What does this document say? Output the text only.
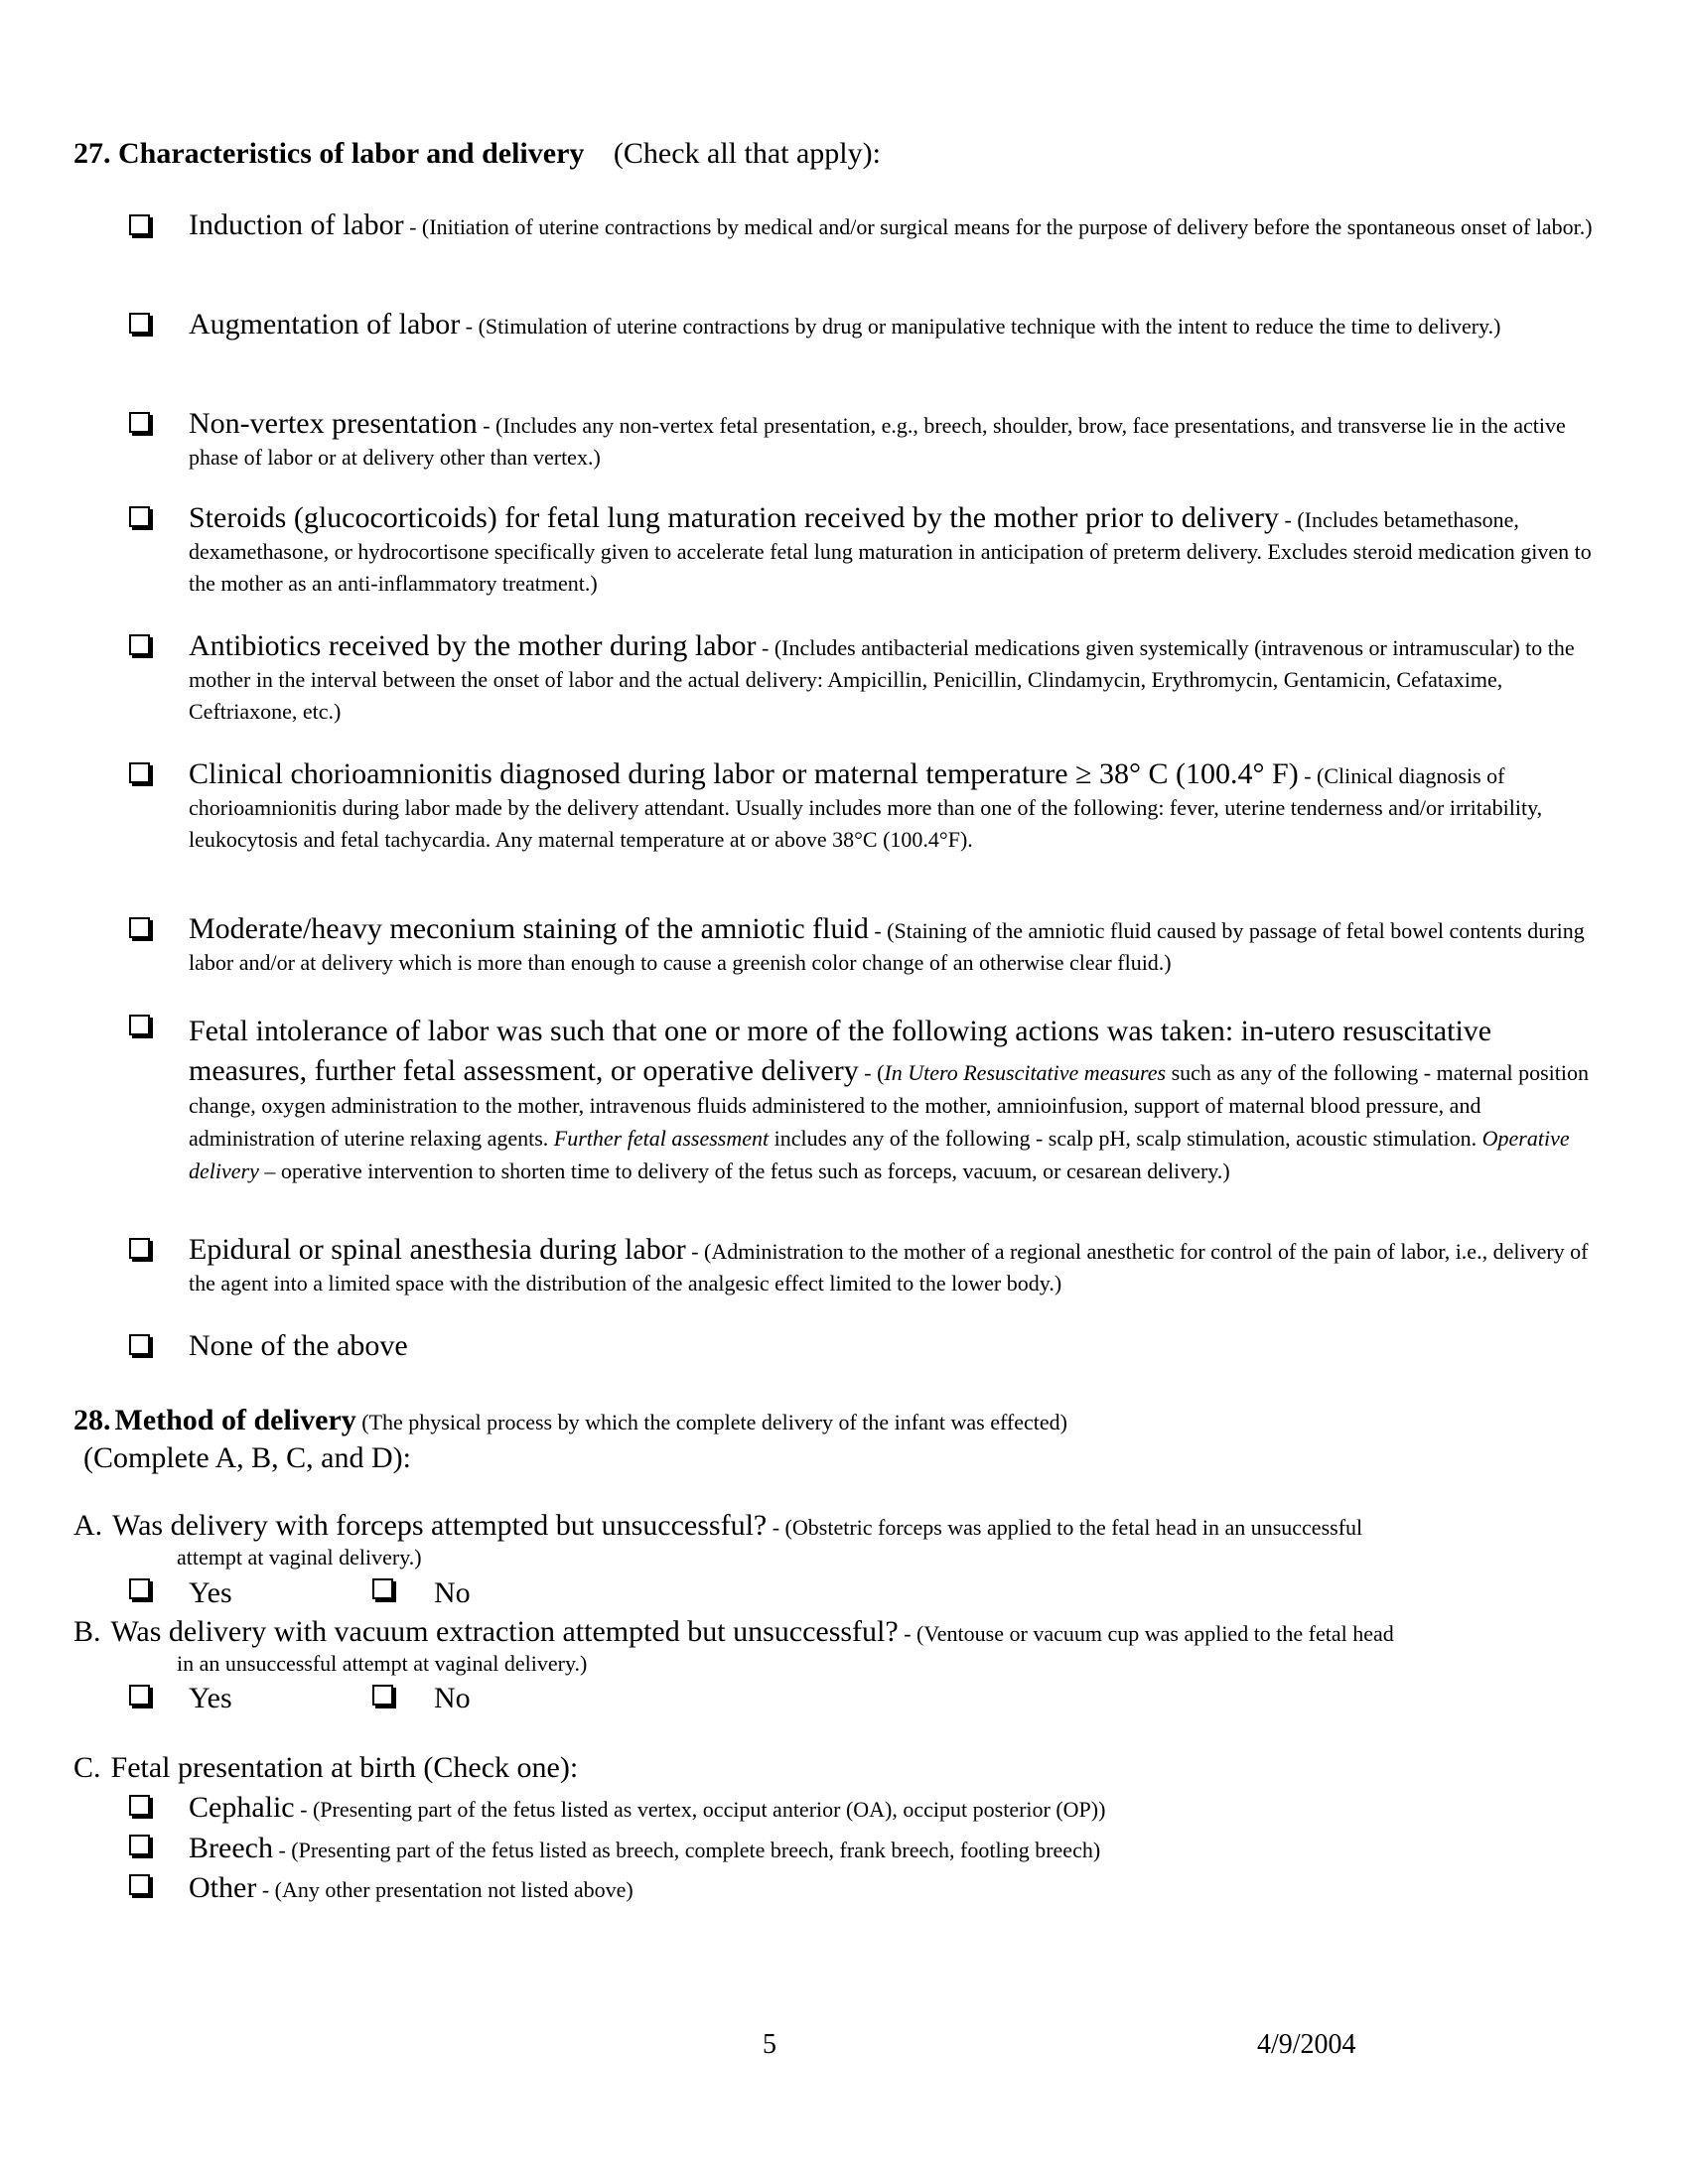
27. Characteristics of labor and delivery (Check all that apply):
Induction of labor - (Initiation of uterine contractions by medical and/or surgical means for the purpose of delivery before the spontaneous onset of labor.)
Augmentation of labor - (Stimulation of uterine contractions by drug or manipulative technique with the intent to reduce the time to delivery.)
Non-vertex presentation - (Includes any non-vertex fetal presentation, e.g., breech, shoulder, brow, face presentations, and transverse lie in the active phase of labor or at delivery other than vertex.)
Steroids (glucocorticoids) for fetal lung maturation received by the mother prior to delivery - (Includes betamethasone, dexamethasone, or hydrocortisone specifically given to accelerate fetal lung maturation in anticipation of preterm delivery. Excludes steroid medication given to the mother as an anti-inflammatory treatment.)
Antibiotics received by the mother during labor - (Includes antibacterial medications given systemically (intravenous or intramuscular) to the mother in the interval between the onset of labor and the actual delivery: Ampicillin, Penicillin, Clindamycin, Erythromycin, Gentamicin, Cefataxime, Ceftriaxone, etc.)
Clinical chorioamnionitis diagnosed during labor or maternal temperature ≥ 38° C (100.4° F) - (Clinical diagnosis of chorioamnionitis during labor made by the delivery attendant. Usually includes more than one of the following: fever, uterine tenderness and/or irritability, leukocytosis and fetal tachycardia. Any maternal temperature at or above 38°C (100.4°F).
Moderate/heavy meconium staining of the amniotic fluid - (Staining of the amniotic fluid caused by passage of fetal bowel contents during labor and/or at delivery which is more than enough to cause a greenish color change of an otherwise clear fluid.)
Fetal intolerance of labor was such that one or more of the following actions was taken: in-utero resuscitative measures, further fetal assessment, or operative delivery - (In Utero Resuscitative measures such as any of the following - maternal position change, oxygen administration to the mother, intravenous fluids administered to the mother, amnioinfusion, support of maternal blood pressure, and administration of uterine relaxing agents. Further fetal assessment includes any of the following - scalp pH, scalp stimulation, acoustic stimulation. Operative delivery – operative intervention to shorten time to delivery of the fetus such as forceps, vacuum, or cesarean delivery.)
Epidural or spinal anesthesia during labor - (Administration to the mother of a regional anesthetic for control of the pain of labor, i.e., delivery of the agent into a limited space with the distribution of the analgesic effect limited to the lower body.)
None of the above
28. Method of delivery (The physical process by which the complete delivery of the infant was effected)
(Complete A, B, C, and D):
A. Was delivery with forceps attempted but unsuccessful? - (Obstetric forceps was applied to the fetal head in an unsuccessful
attempt at vaginal delivery.)
Yes	No
B. Was delivery with vacuum extraction attempted but unsuccessful? - (Ventouse or vacuum cup was applied to the fetal head
in an unsuccessful attempt at vaginal delivery.)
Yes	No
C. Fetal presentation at birth (Check one):
Cephalic - (Presenting part of the fetus listed as vertex, occiput anterior (OA), occiput posterior (OP))
Breech - (Presenting part of the fetus listed as breech, complete breech, frank breech, footling breech)
Other - (Any other presentation not listed above)
5	4/9/2004
